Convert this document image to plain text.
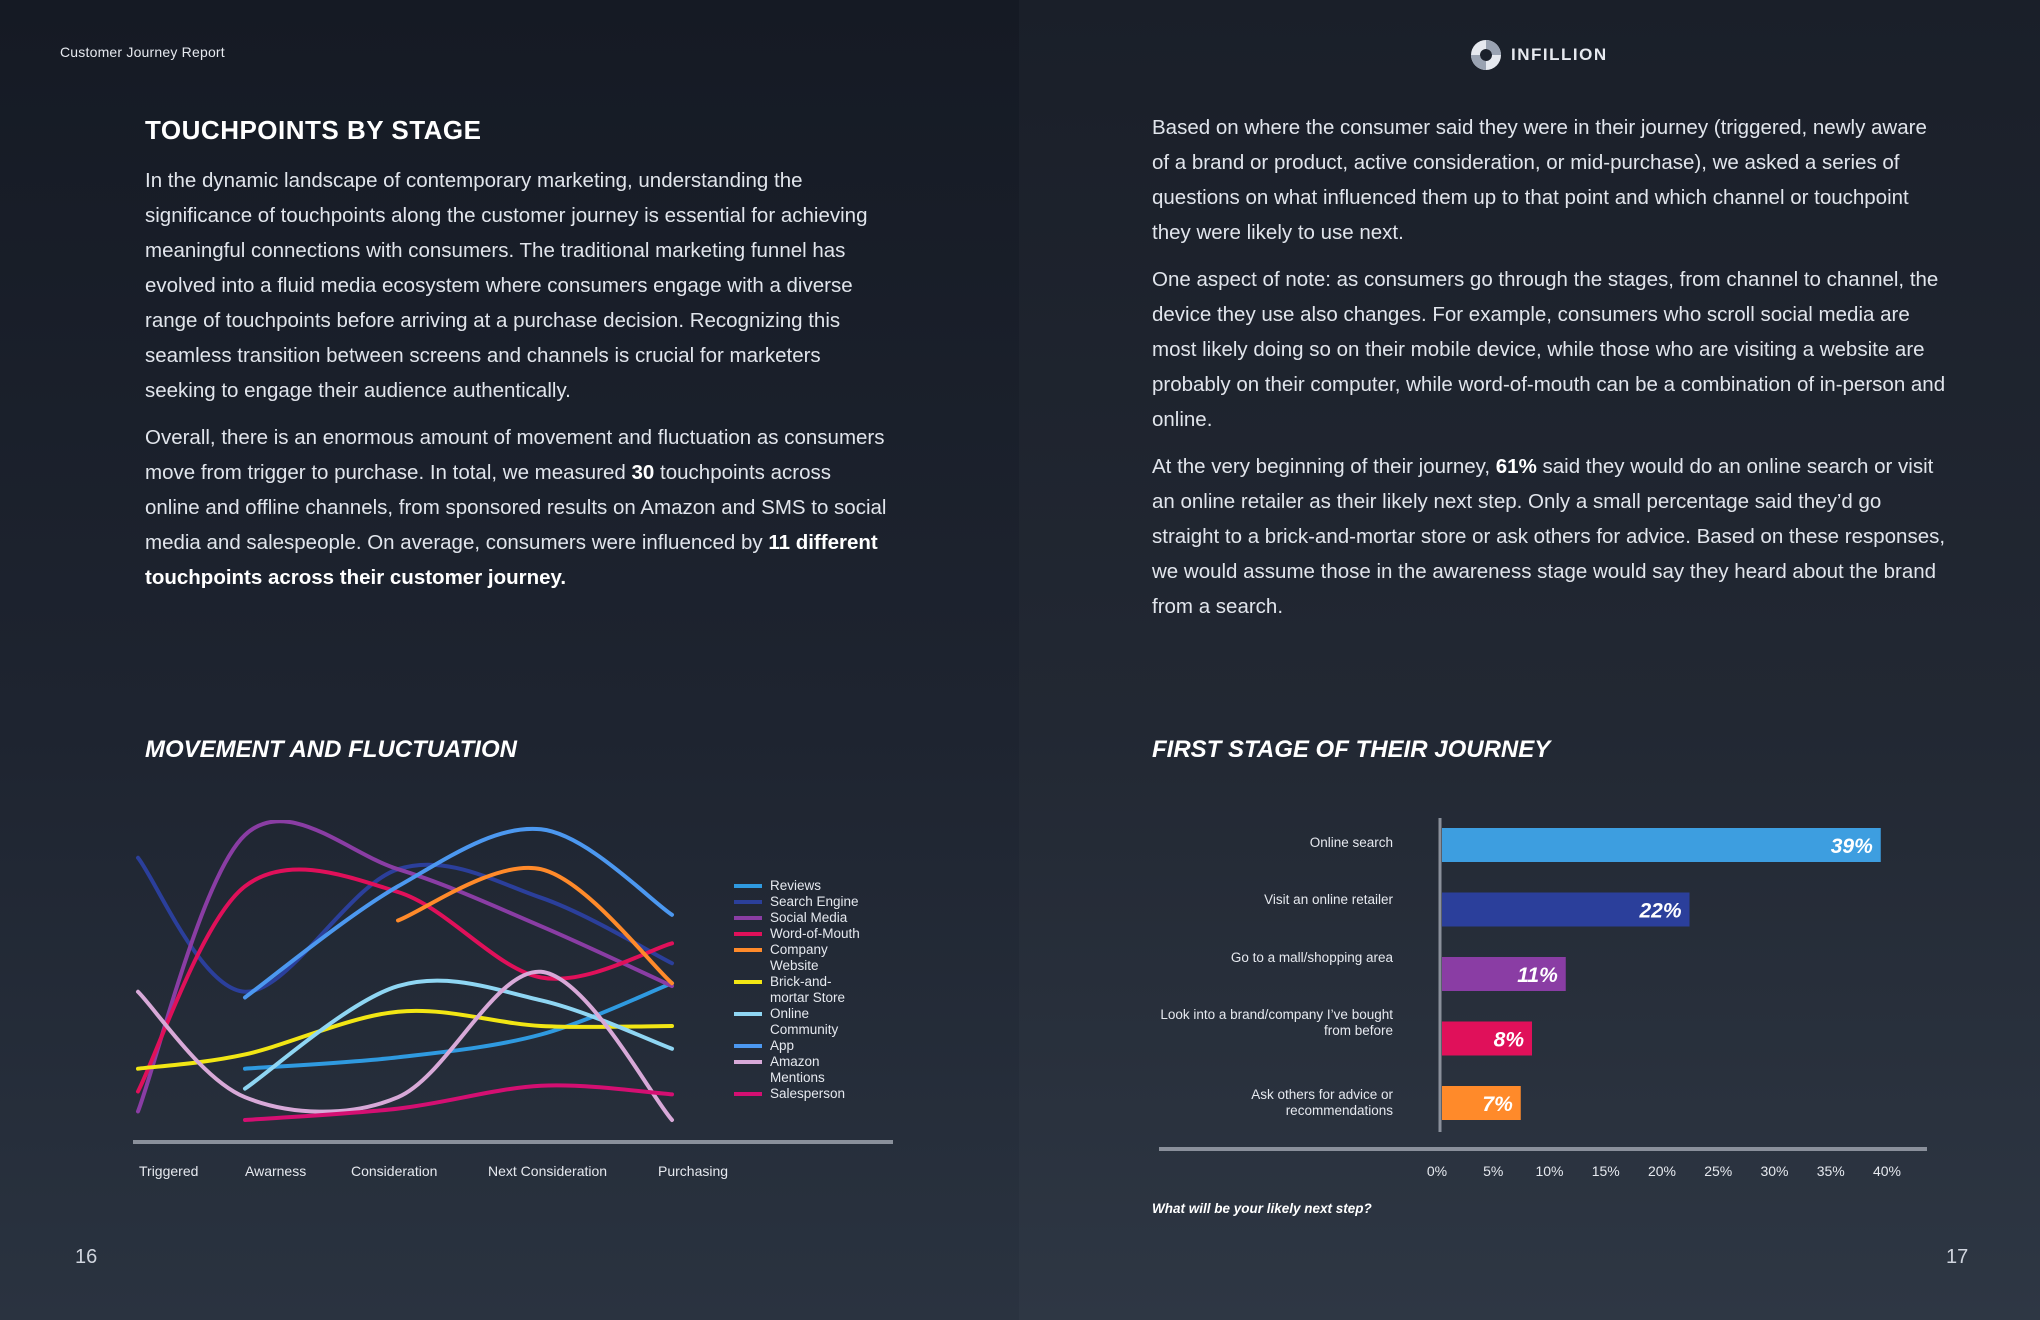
Customer Journey Report
TOUCHPOINTS BY STAGE

In the dynamic landscape of contemporary marketing, understanding the significance of touchpoints along the customer journey is essential for achieving meaningful connections with consumers. The traditional marketing funnel has evolved into a fluid media ecosystem where consumers engage with a diverse range of touchpoints before arriving at a purchase decision. Recognizing this seamless transition between screens and channels is crucial for marketers seeking to engage their audience authentically.

Overall, there is an enormous amount of movement and fluctuation as consumers move from trigger to purchase. In total, we measured 30 touchpoints across online and offline channels, from sponsored results on Amazon and SMS to social media and salespeople. On average, consumers were influenced by 11 different touchpoints across their customer journey.

MOVEMENT AND FLUCTUATION
Reviews
Search Engine
Social Media
Word-of-Mouth
Company Website
Brick-and-mortar Store
Online Community
App
Amazon Mentions
Salesperson
Triggered	Awarness	Consideration	Next Consideration	Purchasing
16
INFILLION

Based on where the consumer said they were in their journey (triggered, newly aware of a brand or product, active consideration, or mid-purchase), we asked a series of questions on what influenced them up to that point and which channel or touchpoint they were likely to use next.

One aspect of note: as consumers go through the stages, from channel to channel, the device they use also changes. For example, consumers who scroll social media are most likely doing so on their mobile device, while those who are visiting a website are probably on their computer, while word-of-mouth can be a combination of in-person and online.

At the very beginning of their journey, 61% said they would do an online search or visit an online retailer as their likely next step. Only a small percentage said they’d go straight to a brick-and-mortar store or ask others for advice. Based on these responses, we would assume those in the awareness stage would say they heard about the brand from a search.

FIRST STAGE OF THEIR JOURNEY
Online search
Visit an online retailer
Go to a mall/shopping area
Look into a brand/company I’ve bought from before
Ask others for advice or recommendations
39%
22%
11%
8%
7%
0%	5%	10%	15%	20%	25%	30%	35%	40%
What will be your likely next step?
17
